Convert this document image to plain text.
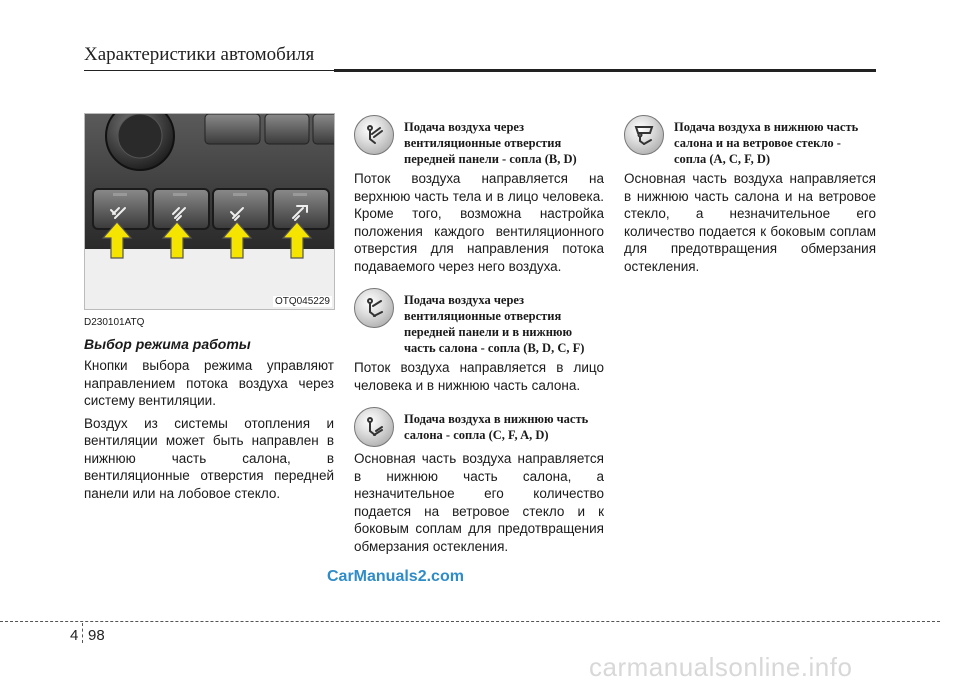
Характеристики автомобиля
OTQ045229
D230101ATQ
Выбор режима работы

Кнопки выбора режима управляют направлением потока воздуха через систему вентиляции.

Воздух из системы отопления и вентиляции может быть направлен в нижнюю часть салона, в вентиляционные отверстия передней панели или на лобовое стекло.

Подача воздуха через вентиляционные отверстия передней панели - сопла (B, D)

Поток воздуха направляется на верхнюю часть тела и в лицо человека. Кроме того, возможна настройка положения каждого вентиляционного отверстия для направления потока подаваемого через него воздуха.

Подача воздуха через вентиляционные отверстия передней панели и в нижнюю часть салона - сопла (B, D, C, F)

Поток воздуха направляется в лицо человека и в нижнюю часть салона.

Подача воздуха в нижнюю часть салона - сопла (C, F, A, D)

Основная часть воздуха направляется в нижнюю часть салона, а незначительное его количество подается на ветровое стекло и к боковым соплам для предотвращения обмерзания остекления.

Подача воздуха в нижнюю часть салона и на ветровое стекло - сопла (A, C, F, D)

Основная часть воздуха направляется в нижнюю часть салона и на ветровое стекло, а незначительное его количество подается к боковым соплам для предотвращения обмерзания остекления.

CarManuals2.com
4 98
carmanualsonline.info
